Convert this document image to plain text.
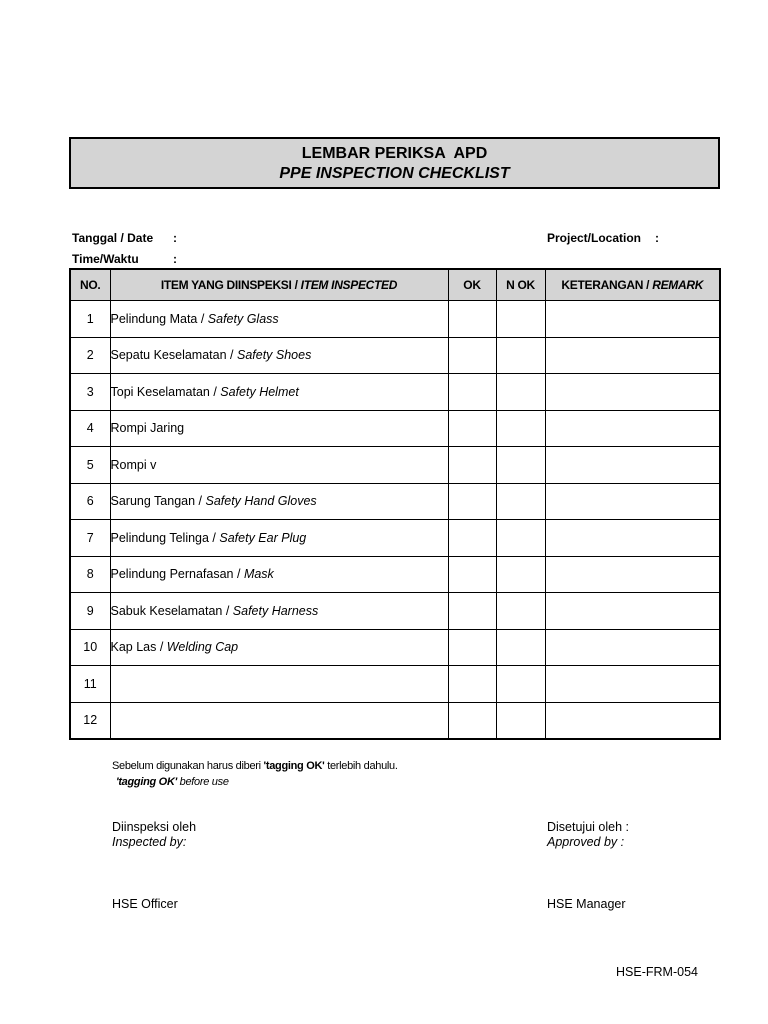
LEMBAR PERIKSA  APD
PPE INSPECTION CHECKLIST
Tanggal / Date :
Time/Waktu	:
Project/Location :
NO.	ITEM YANG DIINSPEKSI / ITEM INSPECTED	OK	N OK	KETERANGAN / REMARK
1	Pelindung Mata / Safety Glass			
2	Sepatu Keselamatan / Safety Shoes			
3	Topi Keselamatan / Safety Helmet			
4	Rompi Jaring			
5	Rompi v			
6	Sarung Tangan / Safety Hand Gloves			
7	Pelindung Telinga / Safety Ear Plug			
8	Pelindung Pernafasan / Mask			
9	Sabuk Keselamatan / Safety Harness			
10	Kap Las / Welding Cap			
11				
12				
Sebelum digunakan harus diberi 'tagging OK' terlebih dahulu.
'tagging OK' before use
Diinspeksi oleh
Inspected by:
Disetujui oleh :
Approved by :
HSE Officer	HSE Manager
HSE-FRM-054
